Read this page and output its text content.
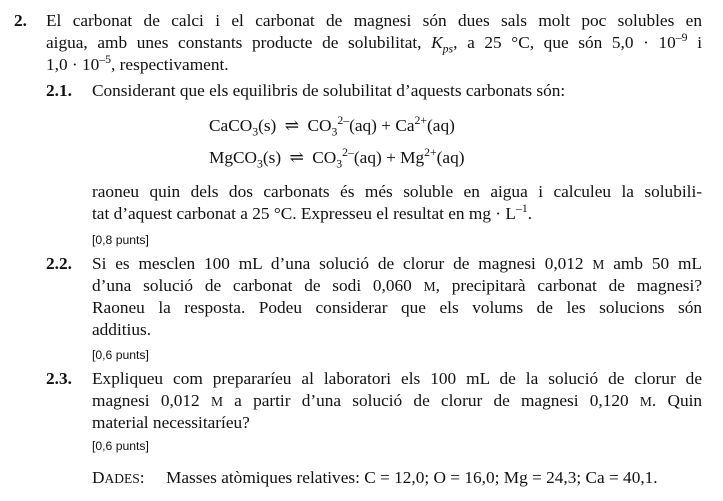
2. El carbonat de calci i el carbonat de magnesi són dues sals molt poc solubles en
aigua, amb unes constants producte de solubilitat, $K_{ps}$, a 25 °C, que són $5,0 \cdot 10^{-9}$ i
$1,0 \cdot 10^{-5}$, respectivament.
2.1. Considerant que els equilibris de solubilitat d’aquests carbonats són:
CaCO$_3$(s) ⇌ $CO_3^{2-}(aq) + Ca^{2+}(aq)$
MgCO$_3$(s) ⇌ $CO_3^{2-}(aq) + Mg^{2+}(aq)$
raoneu quin dels dos carbonats és més soluble en aigua i calculeu la solubili-
tat d’aquest carbonat a 25 °C. Expresseu el resultat en mg · $L^{-1}$.
[0,8 punts]
2.2. Si es mesclen 100 mL d’una solució de clorur de magnesi 0,012 M amb 50 mL
d’una solució de carbonat de sodi 0,060 M, precipitarà carbonat de magnesi?
Raoneu la resposta. Podeu considerar que els volums de les solucions són
additius.
[0,6 punts]
2.3. Expliqueu com prepararíeu al laboratori els 100 mL de la solució de clorur de
magnesi 0,012 M a partir d’una solució de clorur de magnesi 0,120 M. Quin
material necessitaríeu?
[0,6 punts]
DADES: Masses atòmiques relatives: C = 12,0; O = 16,0; Mg = 24,3; Ca = 40,1.
